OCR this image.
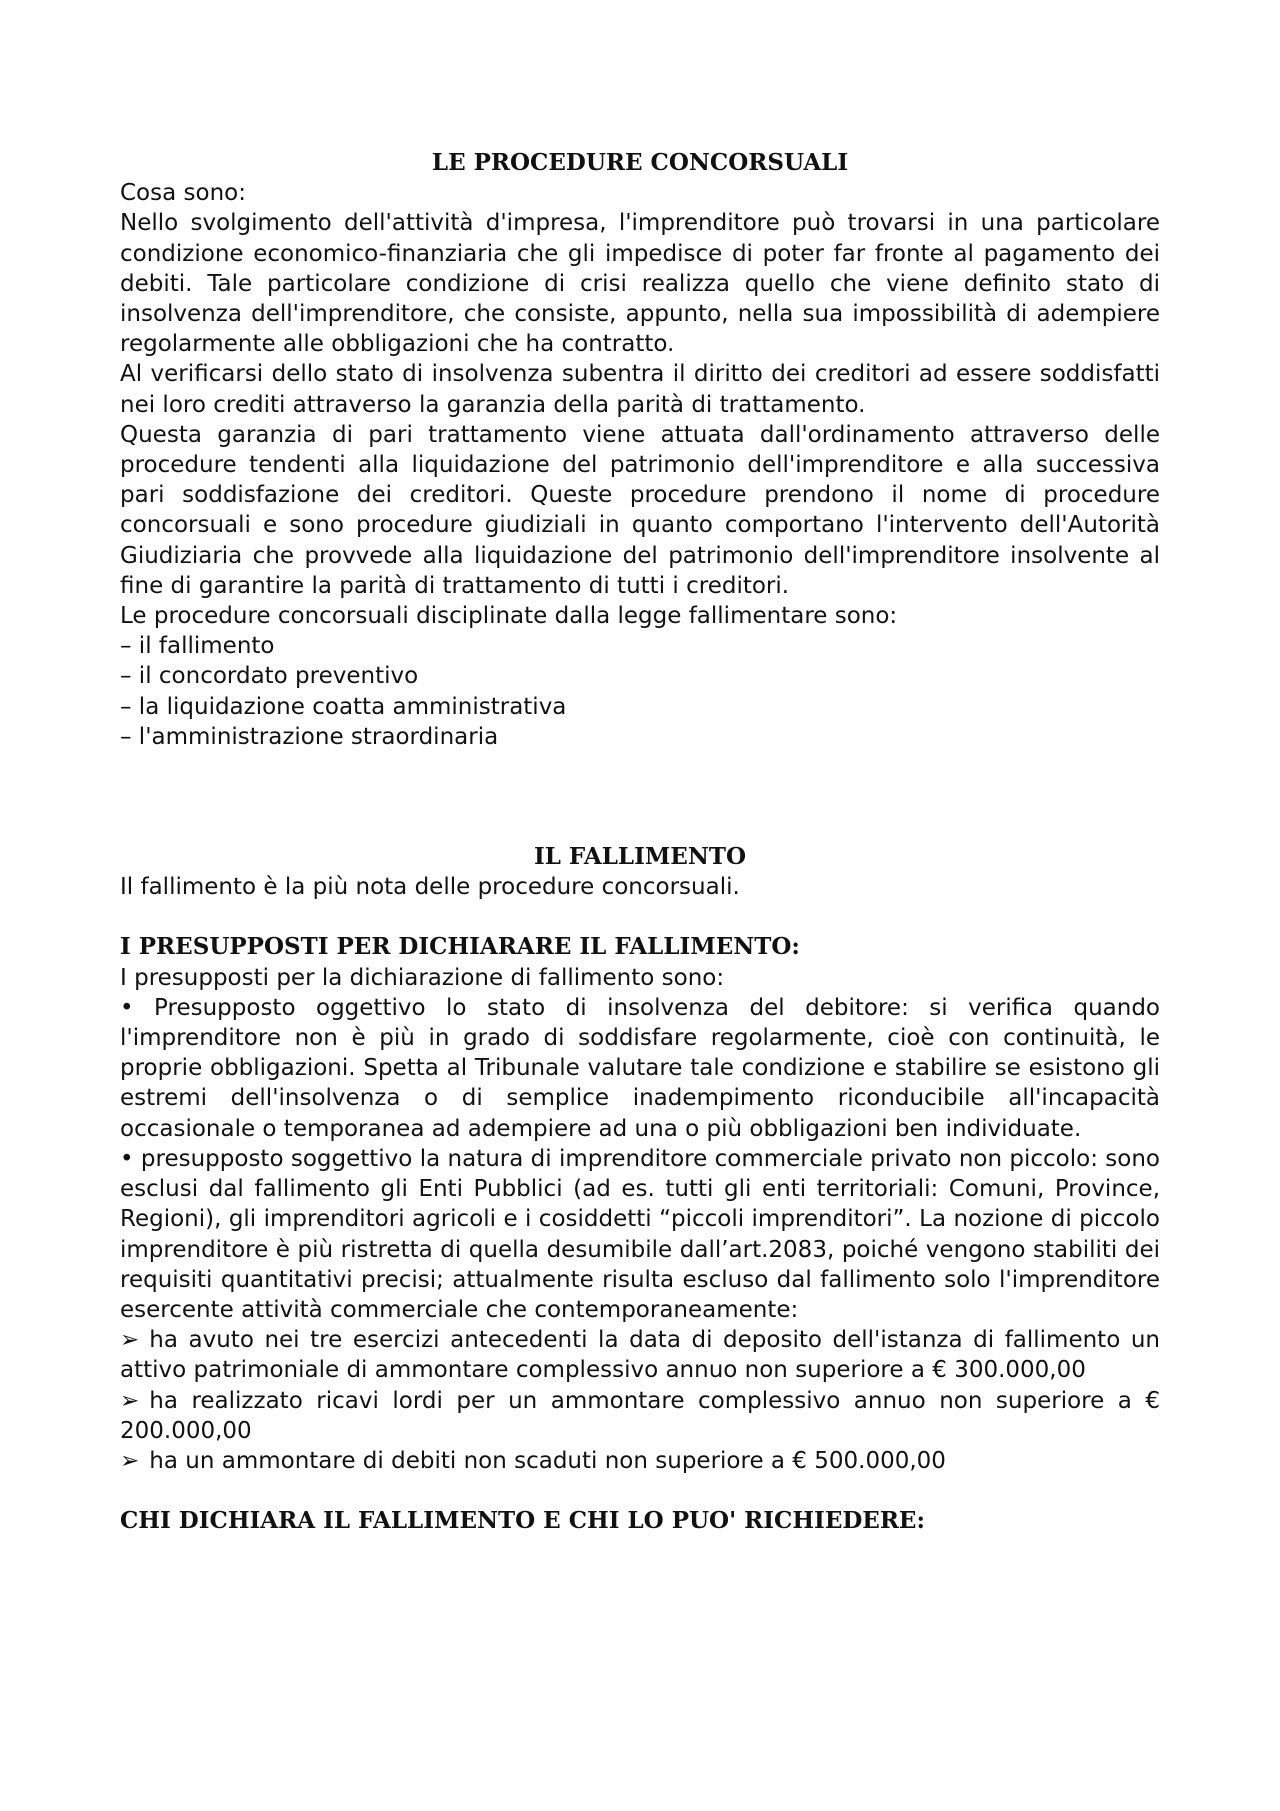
LE PROCEDURE CONCORSUALI

Cosa sono:

Nello svolgimento dell'attività d'impresa, l'imprenditore può trovarsi in una particolare condizione economico-finanziaria che gli impedisce di poter far fronte al pagamento dei debiti. Tale particolare condizione di crisi realizza quello che viene definito stato di insolvenza dell'imprenditore, che consiste, appunto, nella sua impossibilità di adempiere regolarmente alle obbligazioni che ha contratto.

Al verificarsi dello stato di insolvenza subentra il diritto dei creditori ad essere soddisfatti nei loro crediti attraverso la garanzia della parità di trattamento.

Questa garanzia di pari trattamento viene attuata dall'ordinamento attraverso delle procedure tendenti alla liquidazione del patrimonio dell'imprenditore e alla successiva pari soddisfazione dei creditori. Queste procedure prendono il nome di procedure concorsuali e sono procedure giudiziali in quanto comportano l'intervento dell'Autorità Giudiziaria che provvede alla liquidazione del patrimonio dell'imprenditore insolvente al fine di garantire la parità di trattamento di tutti i creditori.

Le procedure concorsuali disciplinate dalla legge fallimentare sono:

– il fallimento
– il concordato preventivo
– la liquidazione coatta amministrativa
– l'amministrazione straordinaria

IL FALLIMENTO

Il fallimento è la più nota delle procedure concorsuali.

I PRESUPPOSTI PER DICHIARARE IL FALLIMENTO:

I presupposti per la dichiarazione di fallimento sono:

• Presupposto oggettivo lo stato di insolvenza del debitore: si verifica quando l'imprenditore non è più in grado di soddisfare regolarmente, cioè con continuità, le proprie obbligazioni. Spetta al Tribunale valutare tale condizione e stabilire se esistono gli estremi dell'insolvenza o di semplice inadempimento riconducibile all'incapacità occasionale o temporanea ad adempiere ad una o più obbligazioni ben individuate.

• presupposto soggettivo la natura di imprenditore commerciale privato non piccolo: sono esclusi dal fallimento gli Enti Pubblici (ad es. tutti gli enti territoriali: Comuni, Province, Regioni), gli imprenditori agricoli e i cosiddetti “piccoli imprenditori”. La nozione di piccolo imprenditore è più ristretta di quella desumibile dall’art.2083, poiché vengono stabiliti dei requisiti quantitativi precisi; attualmente risulta escluso dal fallimento solo l'imprenditore esercente attività commerciale che contemporaneamente:

➢ ha avuto nei tre esercizi antecedenti la data di deposito dell'istanza di fallimento un attivo patrimoniale di ammontare complessivo annuo non superiore a € 300.000,00

➢ ha realizzato ricavi lordi per un ammontare complessivo annuo non superiore a € 200.000,00

➢ ha un ammontare di debiti non scaduti non superiore a € 500.000,00

CHI DICHIARA IL FALLIMENTO E CHI LO PUO' RICHIEDERE:
